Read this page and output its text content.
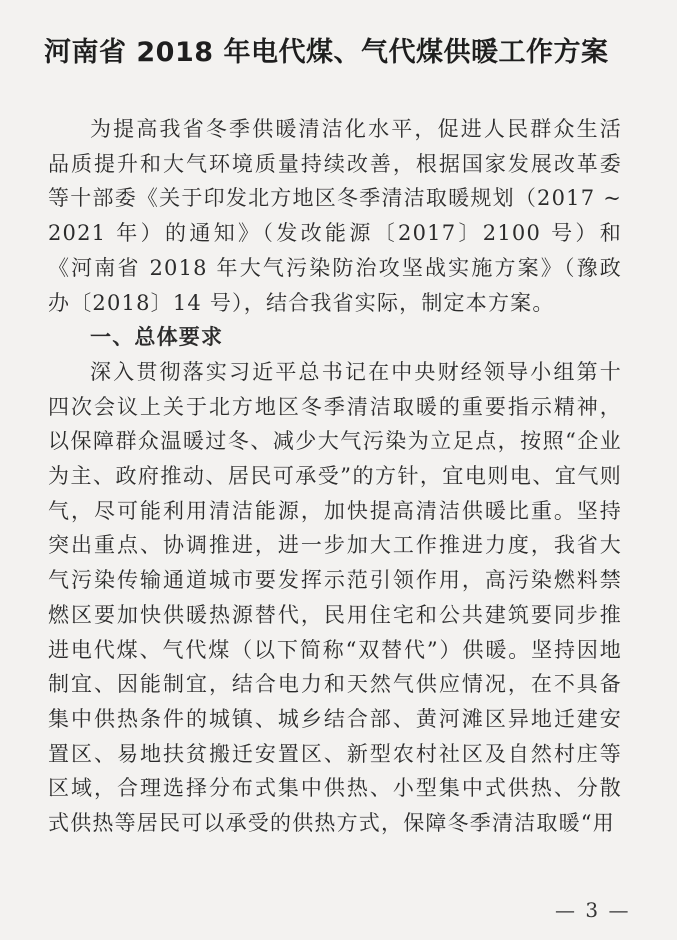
河南省 2018 年电代煤、气代煤供暖工作方案

为提高我省冬季供暖清洁化水平，促进人民群众生活品质提升和大气环境质量持续改善，根据国家发展改革委等十部委《关于印发北方地区冬季清洁取暖规划（2017 ~ 2021 年）的通知》（发改能源〔2017〕2100 号）和《河南省 2018 年大气污染防治攻坚战实施方案》（豫政办〔2018〕14 号），结合我省实际，制定本方案。

一、总体要求

深入贯彻落实习近平总书记在中央财经领导小组第十四次会议上关于北方地区冬季清洁取暖的重要指示精神，以保障群众温暖过冬、减少大气污染为立足点，按照“企业为主、政府推动、居民可承受”的方针，宜电则电、宜气则气，尽可能利用清洁能源，加快提高清洁供暖比重。坚持突出重点、协调推进，进一步加大工作推进力度，我省大气污染传输通道城市要发挥示范引领作用，高污染燃料禁燃区要加快供暖热源替代，民用住宅和公共建筑要同步推进电代煤、气代煤（以下简称“双替代”）供暖。坚持因地制宜、因能制宜，结合电力和天然气供应情况，在不具备集中供热条件的城镇、城乡结合部、黄河滩区异地迁建安置区、易地扶贫搬迁安置区、新型农村社区及自然村庄等区域，合理选择分布式集中供热、小型集中式供热、分散式供热等居民可以承受的供热方式，保障冬季清洁取暖“用

— 3 —
